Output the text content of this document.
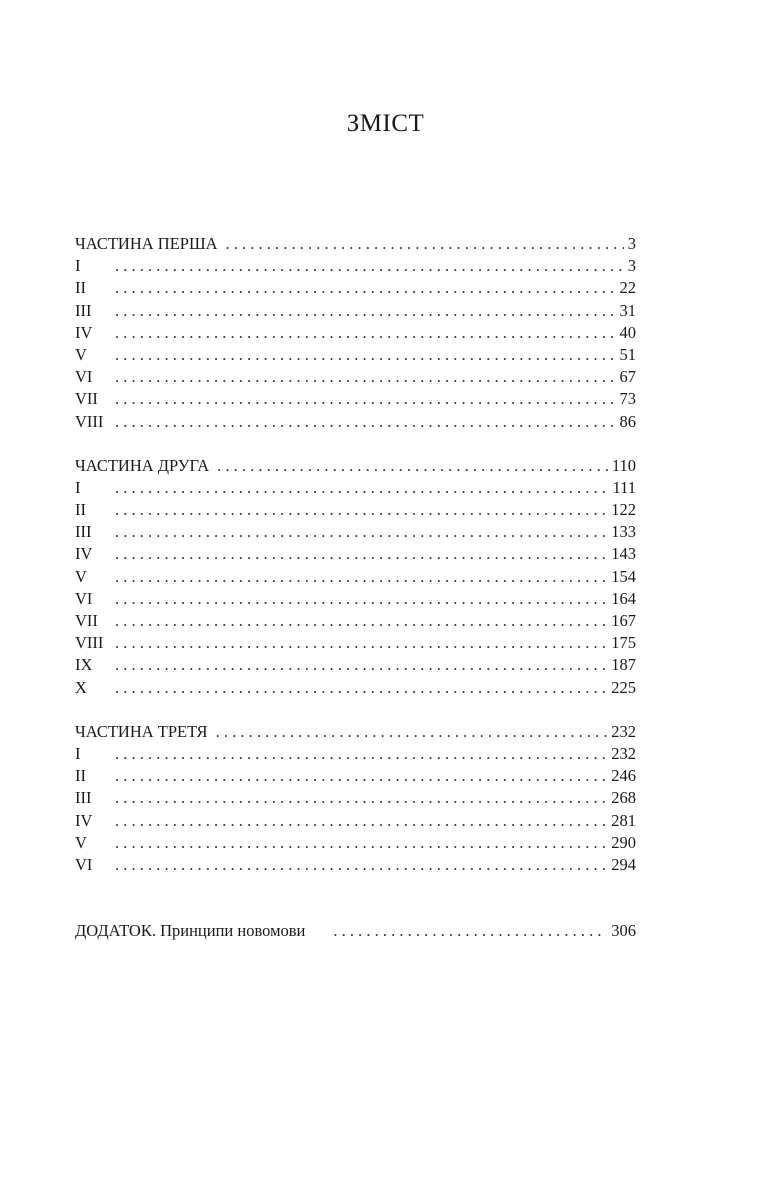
ЗМІСТ
ЧАСТИНА ПЕРША . . .	3
I . . .	3
II . . .	22
III . . .	31
IV . . .	40
V . . .	51
VI . . .	67
VII . . .	73
VIII . . .	86
ЧАСТИНА ДРУГА . . .	110
I . . .	111
II . . .	122
III . . .	133
IV . . .	143
V . . .	154
VI . . .	164
VII . . .	167
VIII . . .	175
IX . . .	187
X . . .	225
ЧАСТИНА ТРЕТЯ . . .	232
I . . .	232
II . . .	246
III . . .	268
IV . . .	281
V . . .	290
VI . . .	294
ДОДАТОК. Принципи новомови . . .	306
